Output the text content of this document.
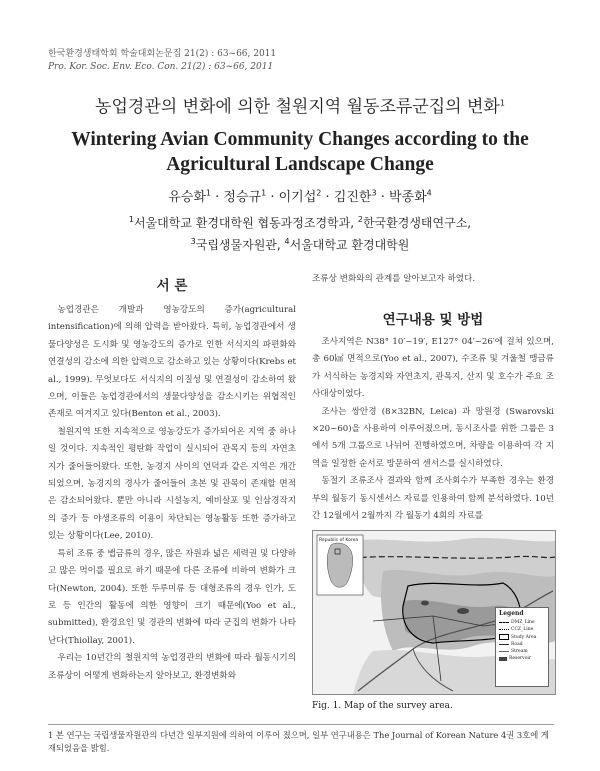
한국환경생태학회 학술대회논문집 21(2) : 63~66, 2011
Pro. Kor. Soc. Env. Eco. Con. 21(2) : 63~66, 2011
농업경관의 변화에 의한 철원지역 월동조류군집의 변화$^1$
Wintering Avian Community Changes according to the
Agricultural Landscape Change
유승화$^1$ · 정승규$^1$ · 이기섭$^2$ · 김진한$^3$ · 박종화$^4$
$^1$서울대학교 환경대학원 협동과정조경학과, $^2$한국환경생태연구소,
$^3$국립생물자원관, $^4$서울대학교 환경대학원
서 론

농업경관은 개발과 영농강도의 증가(agricultural intensification)에 의해 압력을 받아왔다. 특히, 농업경관에서 생물다양성은 도시화 및 영농강도의 증가로 인한 서식지의 파편화와 연결성의 감소에 의한 압력으로 감소하고 있는 상황이다(Krebs et al., 1999). 무엇보다도 서식지의 이질성 및 연결성이 감소하여 왔으며, 이들은 농업경관에서의 생물다양성을 감소시키는 위협적인 존재로 여겨지고 있다(Benton et al., 2003).

철원지역 또한 지속적으로 영농강도가 증가되어온 지역 중 하나일 것이다. 지속적인 평탄화 작업이 실시되어 관목지 등의 자연초지가 줄어들어왔다. 또한, 농경지 사이의 언덕과 같은 지역은 개간되었으며, 농경지의 경사가 줄어들어 초본 및 관목이 존재할 면적은 감소되어왔다. 뿐만 아니라 시설농지, 예비살포 및 인삼경작지의 증가 등 야생조류의 이용이 차단되는 영농활동 또한 증가하고 있는 상황이다(Lee, 2010).

특히 조류 중 뱁금류의 경우, 많은 자원과 넓은 세력권 및 다양하고 많은 먹이를 필요로 하기 때문에 다른 조류에 비하여 변화가 크다(Newton, 2004). 또한 두루미류 등 대형조류의 경우 인가, 도로 등 인간의 활동에 의한 영향이 크기 때문에(Yoo et al., submitted), 환경요인 및 경관의 변화에 따라 군집의 변화가 나타난다(Thiollay, 2001).

우리는 10년간의 철원지역 농업경관의 변화에 따라 월동시기의 조류상이 어떻게 변화하는지 알아보고, 환경변화와

조류상 변화와의 관계를 알아보고자 하였다.

연구내용 및 방법

조사지역은 N38° 10′~19′, E127° 04′~26′에 걸쳐 있으며, 총 60㎢ 면적으로(Yoo et al., 2007), 수조류 및 겨울철 맹금류가 서식하는 농경지와 자연초지, 관목지, 산지 및 호수가 주요 조사대상이었다.

조사는 쌍안경 (8×32BN, Leica) 과 망원경 (Swarovski ×20~60)을 사용하여 이루어졌으며, 동시조사를 위한 그룹은 3에서 5개 그룹으로 나뉘어 진행하였으며, 차량을 이용하여 각 지역을 일정한 순서로 방문하여 센서스를 실시하였다.

동절기 조류조사 결과와 함께 조사회수가 부족한 경우는 환경부의 월동기 동시센서스 자료를 인용하여 함께 분석하였다. 10년간 12월에서 2월까지 각 월동기 4회의 자료를

Republic of Korea
Legend
DMZ_Line
CCZ_Line
Study Area
Road
Stream
Reservoir
Fig. 1. Map of the survey area.
1 본 연구는 국립생물자원관의 다년간 일부지원에 의하여 이루어 졌으며, 일부 연구내용은 The Journal of Korean Nature 4권 3호에 게재되었음을 밝힘.
